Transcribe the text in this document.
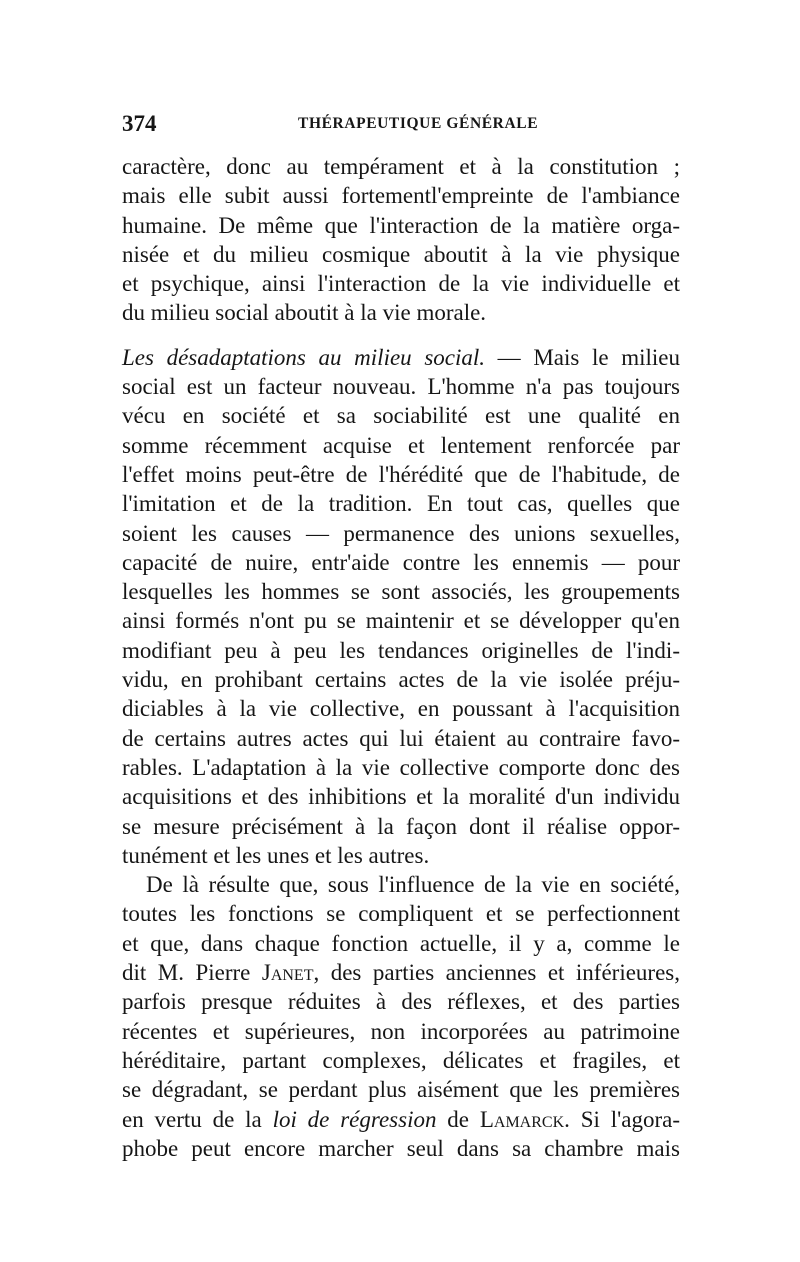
374	THÉRAPEUTIQUE GÉNÉRALE
caractère, donc au tempérament et à la constitution ;
mais elle subit aussi fortementl'empreinte de l'ambiance
humaine. De même que l'interaction de la matière orga-
nisée et du milieu cosmique aboutit à la vie physique
et psychique, ainsi l'interaction de la vie individuelle et
du milieu social aboutit à la vie morale.
Les désadaptations au milieu social. — Mais le milieu
social est un facteur nouveau. L'homme n'a pas toujours
vécu en société et sa sociabilité est une qualité en
somme récemment acquise et lentement renforcée par
l'effet moins peut-être de l'hérédité que de l'habitude, de
l'imitation et de la tradition. En tout cas, quelles que
soient les causes — permanence des unions sexuelles,
capacité de nuire, entr'aide contre les ennemis — pour
lesquelles les hommes se sont associés, les groupements
ainsi formés n'ont pu se maintenir et se développer qu'en
modifiant peu à peu les tendances originelles de l'indi-
vidu, en prohibant certains actes de la vie isolée préju-
diciables à la vie collective, en poussant à l'acquisition
de certains autres actes qui lui étaient au contraire favo-
rables. L'adaptation à la vie collective comporte donc des
acquisitions et des inhibitions et la moralité d'un individu
se mesure précisément à la façon dont il réalise oppor-
tunément et les unes et les autres.
De là résulte que, sous l'influence de la vie en société,
toutes les fonctions se compliquent et se perfectionnent
et que, dans chaque fonction actuelle, il y a, comme le
dit M. Pierre Janet, des parties anciennes et inférieures,
parfois presque réduites à des réflexes, et des parties
récentes et supérieures, non incorporées au patrimoine
héréditaire, partant complexes, délicates et fragiles, et
se dégradant, se perdant plus aisément que les premières
en vertu de la loi de régression de Lamarck. Si l'agora-
phobe peut encore marcher seul dans sa chambre mais
